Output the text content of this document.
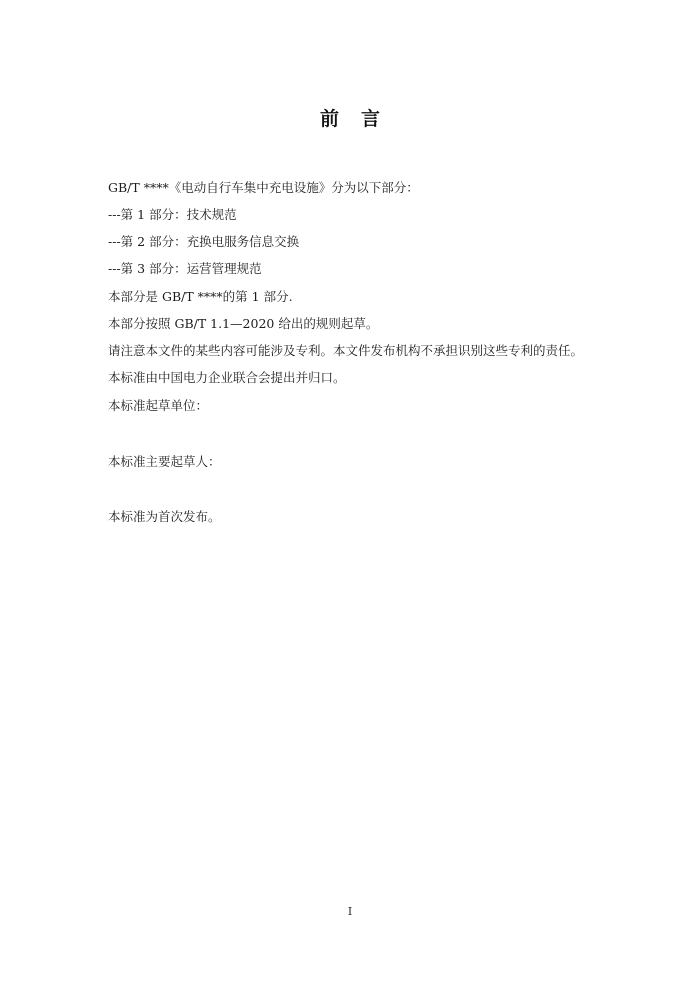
前言
GB/T ****《电动自行车集中充电设施》分为以下部分：
---第 1 部分：技术规范
---第 2 部分：充换电服务信息交换
---第 3 部分：运营管理规范
本部分是 GB/T ****的第 1 部分.
本部分按照 GB/T 1.1—2020 给出的规则起草。
请注意本文件的某些内容可能涉及专利。本文件发布机构不承担识别这些专利的责任。
本标准由中国电力企业联合会提出并归口。
本标准起草单位：
本标准主要起草人：
本标准为首次发布。
I
